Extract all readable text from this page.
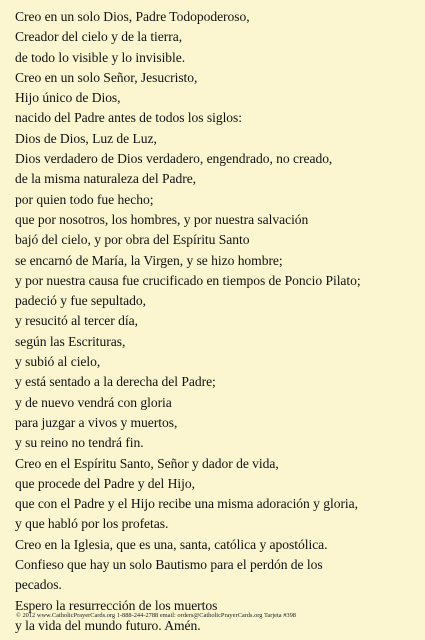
Creo en un solo Dios, Padre Todopoderoso,
Creador del cielo y de la tierra,
de todo lo visible y lo invisible.
Creo en un solo Señor, Jesucristo,
Hijo único de Dios,
nacido del Padre antes de todos los siglos:
Dios de Dios, Luz de Luz,
Dios verdadero de Dios verdadero, engendrado, no creado,
de la misma naturaleza del Padre,
por quien todo fue hecho;
que por nosotros, los hombres, y por nuestra salvación
bajó del cielo, y por obra del Espíritu Santo
se encarnó de María, la Virgen, y se hizo hombre;
y por nuestra causa fue crucificado en tiempos de Poncio Pilato;
padeció y fue sepultado,
y resucitó al tercer día,
según las Escrituras,
y subió al cielo,
y está sentado a la derecha del Padre;
y de nuevo vendrá con gloria
para juzgar a vivos y muertos,
y su reino no tendrá fin.
Creo en el Espíritu Santo, Señor y dador de vida,
que procede del Padre y del Hijo,
que con el Padre y el Hijo recibe una misma adoración y gloria,
y que habló por los profetas.
Creo en la Iglesia, que es una, santa, católica y apostólica.
Confieso que hay un solo Bautismo para el perdón de los
pecados.
Espero la resurrección de los muertos
y la vida del mundo futuro. Amén.
© 2012 www.CatholicPrayerCards.org 1-888-244-2788 email: orders@CatholicPrayerCards.org Tarjeta #398
